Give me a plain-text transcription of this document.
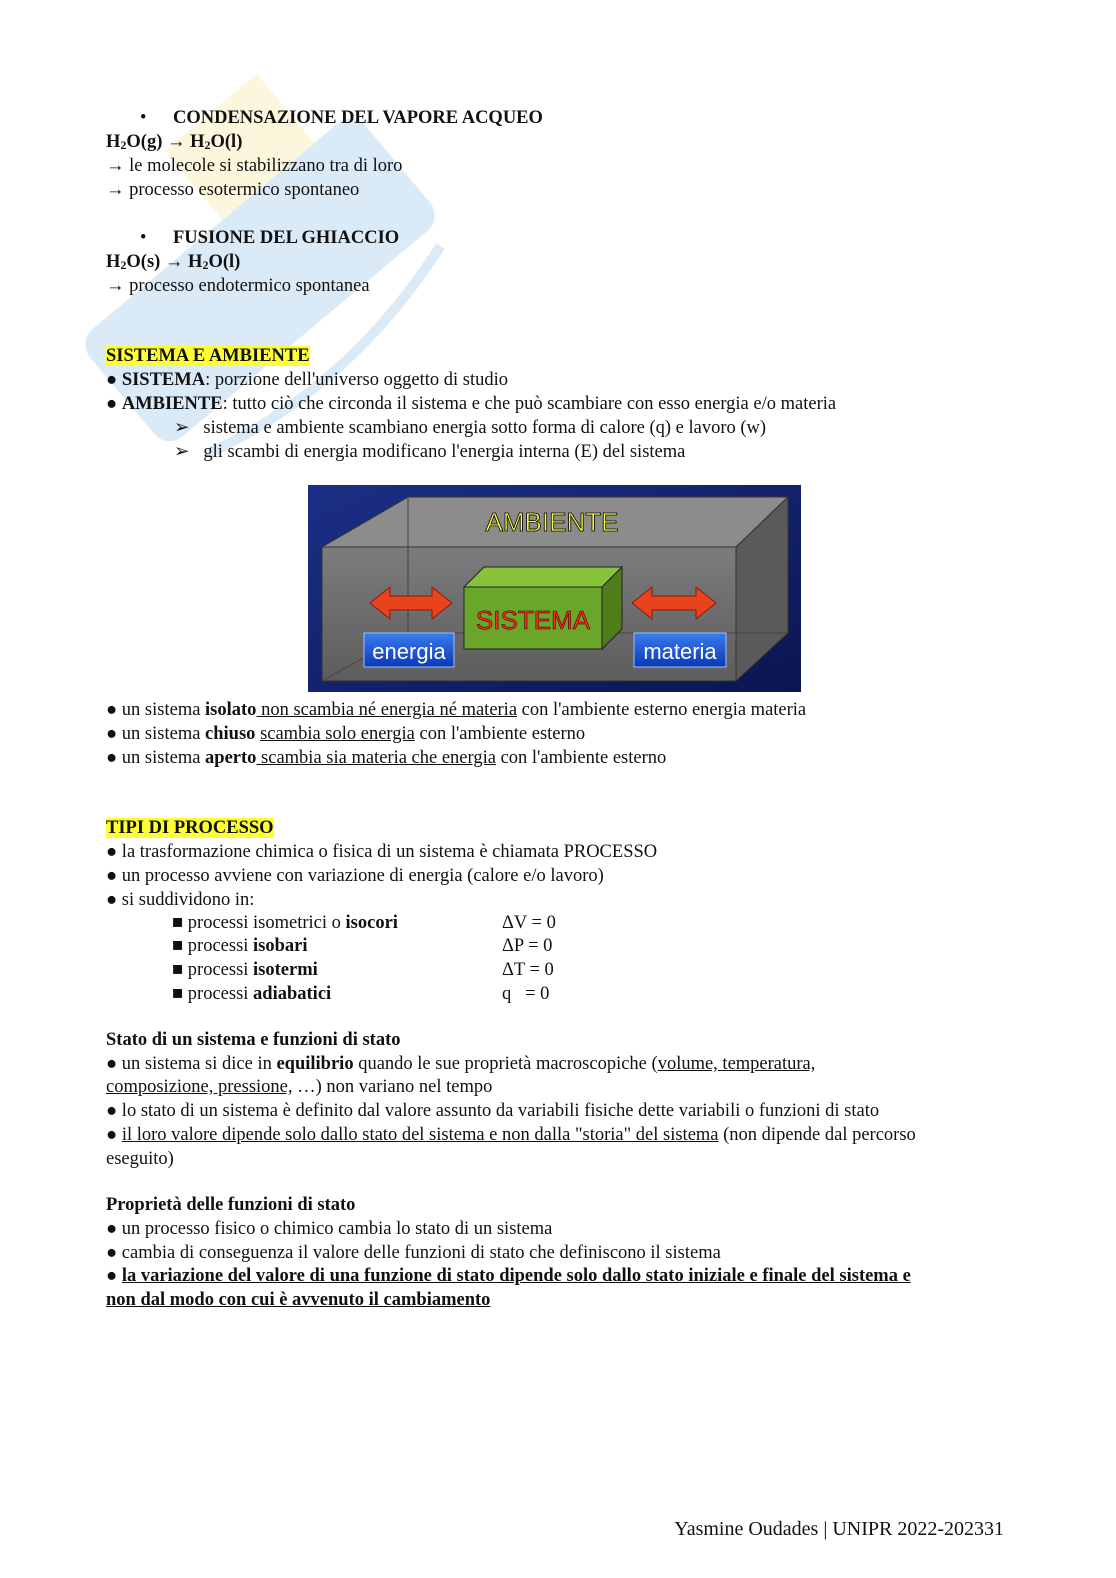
• CONDENSAZIONE DEL VAPORE ACQUEO
$H_2O(g) \to H_2O(l)$
→ le molecole si stabilizzano tra di loro
→ processo esotermico spontaneo
• FUSIONE DEL GHIACCIO
$H_2O(s) \to H_2O(l)$
→ processo endotermico spontanea
SISTEMA E AMBIENTE
● SISTEMA: porzione dell'universo oggetto di studio
● AMBIENTE: tutto ciò che circonda il sistema e che può scambiare con esso energia e/o materia
➢   sistema e ambiente scambiano energia sotto forma di calore (q) e lavoro (w)
➢   gli scambi di energia modificano l'energia interna (E) del sistema
AMBIENTE
SISTEMA
energia	materia
● un sistema isolato non scambia né energia né materia con l'ambiente esterno energia materia
● un sistema chiuso scambia solo energia con l'ambiente esterno
● un sistema aperto scambia sia materia che energia con l'ambiente esterno
TIPI DI PROCESSO
● la trasformazione chimica o fisica di un sistema è chiamata PROCESSO
● un processo avviene con variazione di energia (calore e/o lavoro)
● si suddividono in:
■ processi isometrici o isocori	ΔV = 0
■ processi isobari	ΔP = 0
■ processi isotermi	ΔT = 0
■ processi adiabatici	q   = 0
Stato di un sistema e funzioni di stato
● un sistema si dice in equilibrio quando le sue proprietà macroscopiche (volume, temperatura,
composizione, pressione, …) non variano nel tempo
● lo stato di un sistema è definito dal valore assunto da variabili fisiche dette variabili o funzioni di stato
● il loro valore dipende solo dallo stato del sistema e non dalla "storia" del sistema (non dipende dal percorso
eseguito)
Proprietà delle funzioni di stato
● un processo fisico o chimico cambia lo stato di un sistema
● cambia di conseguenza il valore delle funzioni di stato che definiscono il sistema
● la variazione del valore di una funzione di stato dipende solo dallo stato iniziale e finale del sistema e
non dal modo con cui è avvenuto il cambiamento
Yasmine Oudades | UNIPR 2022-202331
